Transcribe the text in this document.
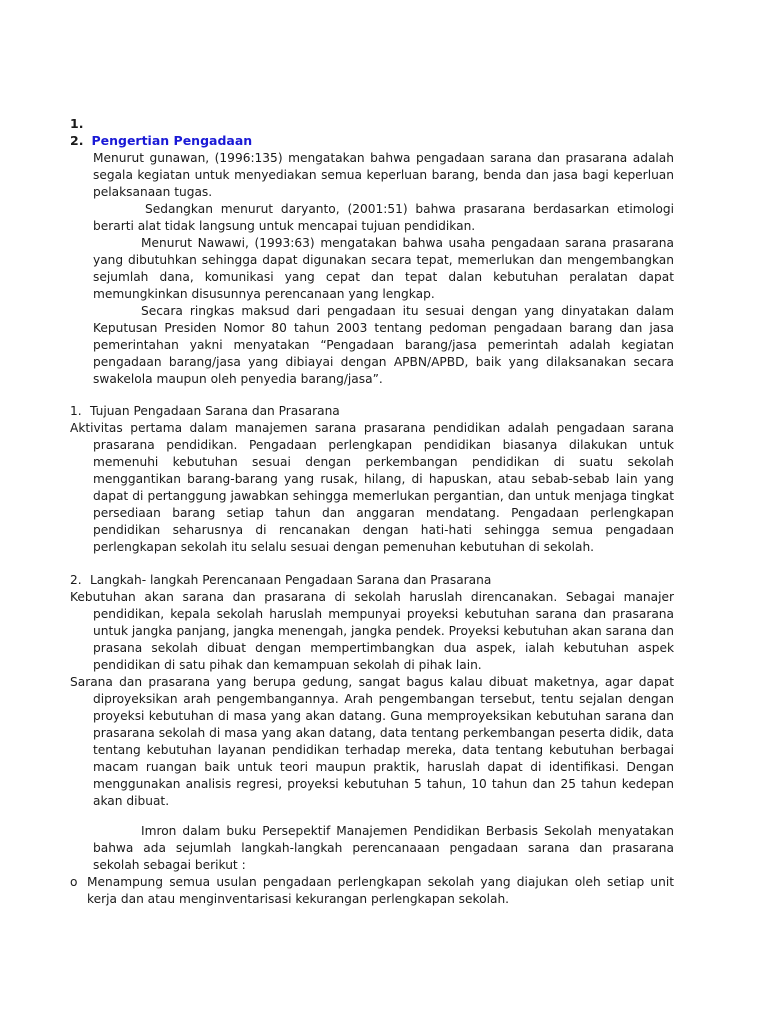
1.
2. Pengertian Pengadaan

Menurut gunawan, (1996:135) mengatakan bahwa pengadaan sarana dan prasarana adalah segala kegiatan untuk menyediakan semua keperluan barang, benda dan jasa bagi keperluan pelaksanaan tugas.

Sedangkan menurut daryanto, (2001:51) bahwa prasarana berdasarkan etimologi berarti alat tidak langsung untuk mencapai tujuan pendidikan.

Menurut Nawawi, (1993:63) mengatakan bahwa usaha pengadaan sarana prasarana yang dibutuhkan sehingga dapat digunakan secara tepat, memerlukan dan mengembangkan sejumlah dana, komunikasi yang cepat dan tepat dalan kebutuhan peralatan dapat memungkinkan disusunnya perencanaan yang lengkap.

Secara ringkas maksud dari pengadaan itu sesuai dengan yang dinyatakan dalam Keputusan Presiden Nomor 80 tahun 2003 tentang pedoman pengadaan barang dan jasa pemerintahan yakni menyatakan “Pengadaan barang/jasa pemerintah adalah kegiatan pengadaan barang/jasa yang dibiayai dengan APBN/APBD, baik yang dilaksanakan secara swakelola maupun oleh penyedia barang/jasa”.

1. Tujuan Pengadaan Sarana dan Prasarana

Aktivitas pertama dalam manajemen sarana prasarana pendidikan adalah pengadaan sarana prasarana pendidikan. Pengadaan perlengkapan pendidikan biasanya dilakukan untuk memenuhi kebutuhan sesuai dengan perkembangan pendidikan di suatu sekolah menggantikan barang-barang yang rusak, hilang, di hapuskan, atau sebab-sebab lain yang dapat di pertanggung jawabkan sehingga memerlukan pergantian, dan untuk menjaga tingkat persediaan barang setiap tahun dan anggaran mendatang. Pengadaan perlengkapan pendidikan seharusnya di rencanakan dengan hati-hati sehingga semua pengadaan perlengkapan sekolah itu selalu sesuai dengan pemenuhan kebutuhan di sekolah.

2. Langkah- langkah Perencanaan Pengadaan Sarana dan Prasarana

Kebutuhan akan sarana dan prasarana di sekolah haruslah direncanakan. Sebagai manajer pendidikan, kepala sekolah haruslah mempunyai proyeksi kebutuhan sarana dan prasarana untuk jangka panjang, jangka menengah, jangka pendek. Proyeksi kebutuhan akan sarana dan prasana sekolah dibuat dengan mempertimbangkan dua aspek, ialah kebutuhan aspek pendidikan di satu pihak dan kemampuan sekolah di pihak lain.

Sarana dan prasarana yang berupa gedung, sangat bagus kalau dibuat maketnya, agar dapat diproyeksikan arah pengembangannya. Arah pengembangan tersebut, tentu sejalan dengan proyeksi kebutuhan di masa yang akan datang. Guna memproyeksikan kebutuhan sarana dan prasarana sekolah di masa yang akan datang, data tentang perkembangan peserta didik, data tentang kebutuhan layanan pendidikan terhadap mereka, data tentang kebutuhan berbagai macam ruangan baik untuk teori maupun praktik, haruslah dapat di identifikasi. Dengan menggunakan analisis regresi, proyeksi kebutuhan 5 tahun, 10 tahun dan 25 tahun kedepan akan dibuat.

Imron dalam buku Persepektif Manajemen Pendidikan Berbasis Sekolah menyatakan bahwa ada sejumlah langkah-langkah perencanaaan pengadaan sarana dan prasarana sekolah sebagai berikut :

o Menampung semua usulan pengadaan perlengkapan sekolah yang diajukan oleh setiap unit kerja dan atau menginventarisasi kekurangan perlengkapan sekolah.
